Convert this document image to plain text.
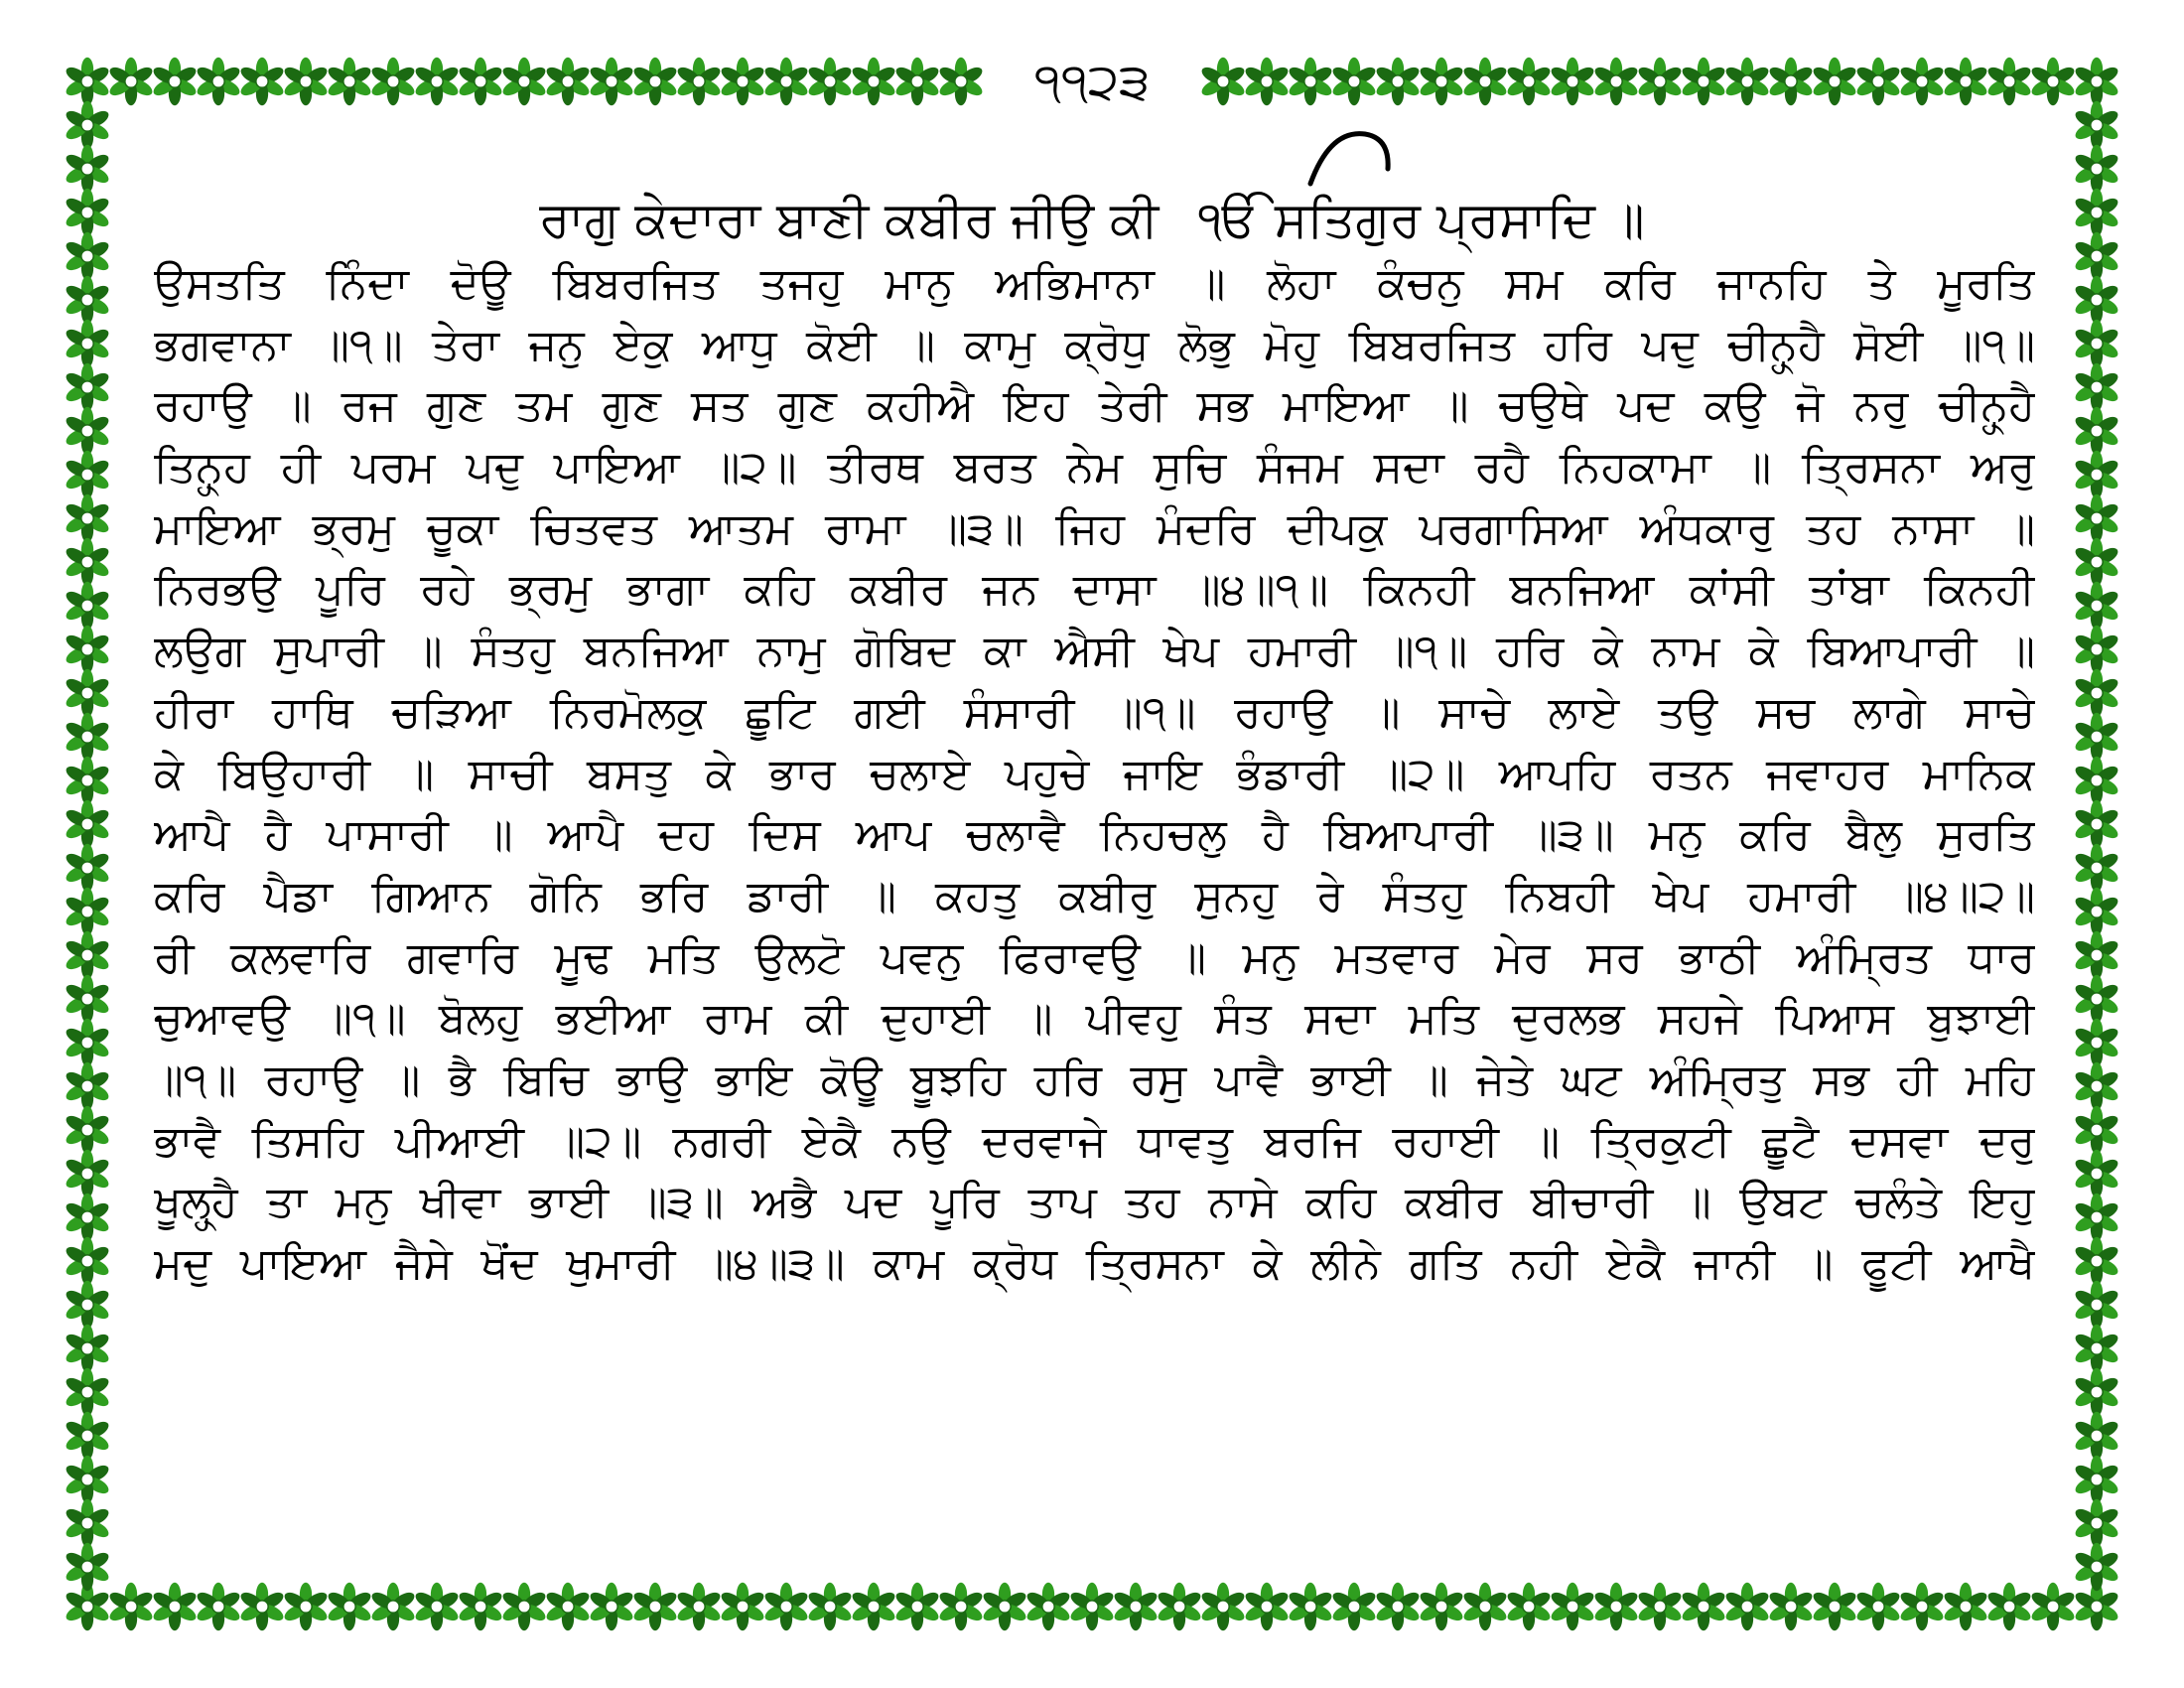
੧੧੨੩
ਰਾਗੁ ਕੇਦਾਰਾ ਬਾਣੀ ਕਬੀਰ ਜੀਉ ਕੀ ੴ ਸਤਿਗੁਰ ਪ੍ਰਸਾਦਿ ॥
ਉਸਤਤਿ ਨਿੰਦਾ ਦੋਊ ਬਿਬਰਜਿਤ ਤਜਹੁ ਮਾਨੁ ਅਭਿਮਾਨਾ ॥ ਲੋਹਾ ਕੰਚਨੁ ਸਮ ਕਰਿ ਜਾਨਹਿ ਤੇ ਮੂਰਤਿ
ਭਗਵਾਨਾ ॥੧॥ ਤੇਰਾ ਜਨੁ ਏਕੁ ਆਧੁ ਕੋਈ ॥ ਕਾਮੁ ਕ੍ਰੋਧੁ ਲੋਭੁ ਮੋਹੁ ਬਿਬਰਜਿਤ ਹਰਿ ਪਦੁ ਚੀਨ੍ਹ੍ਹੈ ਸੋਈ ॥੧॥
ਰਹਾਉ ॥ ਰਜ ਗੁਣ ਤਮ ਗੁਣ ਸਤ ਗੁਣ ਕਹੀਐ ਇਹ ਤੇਰੀ ਸਭ ਮਾਇਆ ॥ ਚਉਥੇ ਪਦ ਕਉ ਜੋ ਨਰੁ ਚੀਨ੍ਹ੍ਹੈ
ਤਿਨ੍ਹ੍ਹ ਹੀ ਪਰਮ ਪਦੁ ਪਾਇਆ ॥੨॥ ਤੀਰਥ ਬਰਤ ਨੇਮ ਸੁਚਿ ਸੰਜਮ ਸਦਾ ਰਹੈ ਨਿਹਕਾਮਾ ॥ ਤ੍ਰਿਸਨਾ ਅਰੁ
ਮਾਇਆ ਭ੍ਰਮੁ ਚੂਕਾ ਚਿਤਵਤ ਆਤਮ ਰਾਮਾ ॥੩॥ ਜਿਹ ਮੰਦਰਿ ਦੀਪਕੁ ਪਰਗਾਸਿਆ ਅੰਧਕਾਰੁ ਤਹ ਨਾਸਾ ॥
ਨਿਰਭਉ ਪੂਰਿ ਰਹੇ ਭ੍ਰਮੁ ਭਾਗਾ ਕਹਿ ਕਬੀਰ ਜਨ ਦਾਸਾ ॥੪॥੧॥ ਕਿਨਹੀ ਬਨਜਿਆ ਕਾਂਸੀ ਤਾਂਬਾ ਕਿਨਹੀ
ਲਉਗ ਸੁਪਾਰੀ ॥ ਸੰਤਹੁ ਬਨਜਿਆ ਨਾਮੁ ਗੋਬਿਦ ਕਾ ਐਸੀ ਖੇਪ ਹਮਾਰੀ ॥੧॥ ਹਰਿ ਕੇ ਨਾਮ ਕੇ ਬਿਆਪਾਰੀ ॥
ਹੀਰਾ ਹਾਥਿ ਚੜਿਆ ਨਿਰਮੋਲਕੁ ਛੂਟਿ ਗਈ ਸੰਸਾਰੀ ॥੧॥ ਰਹਾਉ ॥ ਸਾਚੇ ਲਾਏ ਤਉ ਸਚ ਲਾਗੇ ਸਾਚੇ
ਕੇ ਬਿਉਹਾਰੀ ॥ ਸਾਚੀ ਬਸਤੁ ਕੇ ਭਾਰ ਚਲਾਏ ਪਹੁਚੇ ਜਾਇ ਭੰਡਾਰੀ ॥੨॥ ਆਪਹਿ ਰਤਨ ਜਵਾਹਰ ਮਾਨਿਕ
ਆਪੈ ਹੈ ਪਾਸਾਰੀ ॥ ਆਪੈ ਦਹ ਦਿਸ ਆਪ ਚਲਾਵੈ ਨਿਹਚਲੁ ਹੈ ਬਿਆਪਾਰੀ ॥੩॥ ਮਨੁ ਕਰਿ ਬੈਲੁ ਸੁਰਤਿ
ਕਰਿ ਪੈਡਾ ਗਿਆਨ ਗੋਨਿ ਭਰਿ ਡਾਰੀ ॥ ਕਹਤੁ ਕਬੀਰੁ ਸੁਨਹੁ ਰੇ ਸੰਤਹੁ ਨਿਬਹੀ ਖੇਪ ਹਮਾਰੀ ॥੪॥੨॥
ਰੀ ਕਲਵਾਰਿ ਗਵਾਰਿ ਮੂਢ ਮਤਿ ਉਲਟੋ ਪਵਨੁ ਫਿਰਾਵਉ ॥ ਮਨੁ ਮਤਵਾਰ ਮੇਰ ਸਰ ਭਾਠੀ ਅੰਮ੍ਰਿਤ ਧਾਰ
ਚੁਆਵਉ ॥੧॥ ਬੋਲਹੁ ਭਈਆ ਰਾਮ ਕੀ ਦੁਹਾਈ ॥ ਪੀਵਹੁ ਸੰਤ ਸਦਾ ਮਤਿ ਦੁਰਲਭ ਸਹਜੇ ਪਿਆਸ ਬੁਝਾਈ
॥੧॥ ਰਹਾਉ ॥ ਭੈ ਬਿਚਿ ਭਾਉ ਭਾਇ ਕੋਊ ਬੂਝਹਿ ਹਰਿ ਰਸੁ ਪਾਵੈ ਭਾਈ ॥ ਜੇਤੇ ਘਟ ਅੰਮ੍ਰਿਤੁ ਸਭ ਹੀ ਮਹਿ
ਭਾਵੈ ਤਿਸਹਿ ਪੀਆਈ ॥੨॥ ਨਗਰੀ ਏਕੈ ਨਉ ਦਰਵਾਜੇ ਧਾਵਤੁ ਬਰਜਿ ਰਹਾਈ ॥ ਤ੍ਰਿਕੁਟੀ ਛੂਟੈ ਦਸਵਾ ਦਰੁ
ਖੂਲ੍ਹ੍ਹੈ ਤਾ ਮਨੁ ਖੀਵਾ ਭਾਈ ॥੩॥ ਅਭੈ ਪਦ ਪੂਰਿ ਤਾਪ ਤਹ ਨਾਸੇ ਕਹਿ ਕਬੀਰ ਬੀਚਾਰੀ ॥ ਉਬਟ ਚਲੰਤੇ ਇਹੁ
ਮਦੁ ਪਾਇਆ ਜੈਸੇ ਖੋਂਦ ਖੁਮਾਰੀ ॥੪॥੩॥ ਕਾਮ ਕ੍ਰੋਧ ਤ੍ਰਿਸਨਾ ਕੇ ਲੀਨੇ ਗਤਿ ਨਹੀ ਏਕੈ ਜਾਨੀ ॥ ਫੂਟੀ ਆਖੈ
